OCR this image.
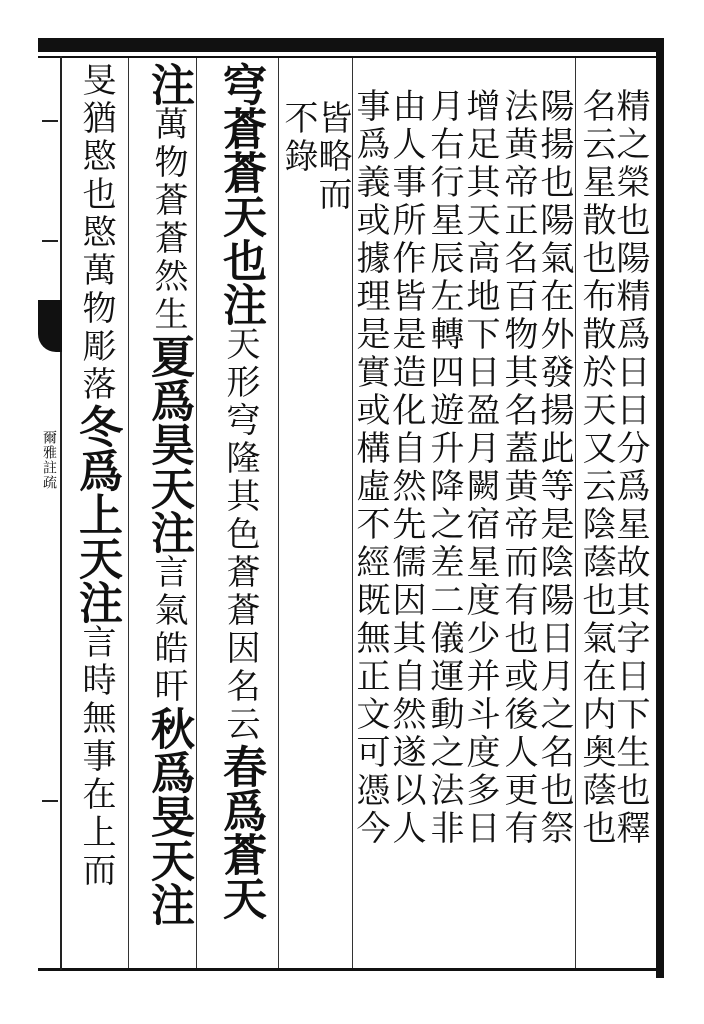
爾雅註疏	精之榮也陽精爲日日分爲星故其字日下生也釋
名云星散也布散於天又云陰蔭也氣在内奥蔭也
陽揚也陽氣在外發揚此等是陰陽日月之名也祭
法黄帝正名百物其名蓋黄帝而有也或後人更有
增足其天高地下日盈月闕宿星度少并斗度多日
月右行星辰左轉四遊升降之差二儀運動之法非
由人事所作皆是造化自然先儒因其自然遂以人
事爲義或據理是實或構虛不經既無正文可憑今
皆略而
不錄
穹蒼蒼天也注天形穹隆其色蒼蒼因名云春爲蒼天
注萬物蒼蒼然生夏爲昊天注言氣皓旰秋爲旻天注
旻猶愍也愍萬物彫落冬爲上天注言時無事在上而
